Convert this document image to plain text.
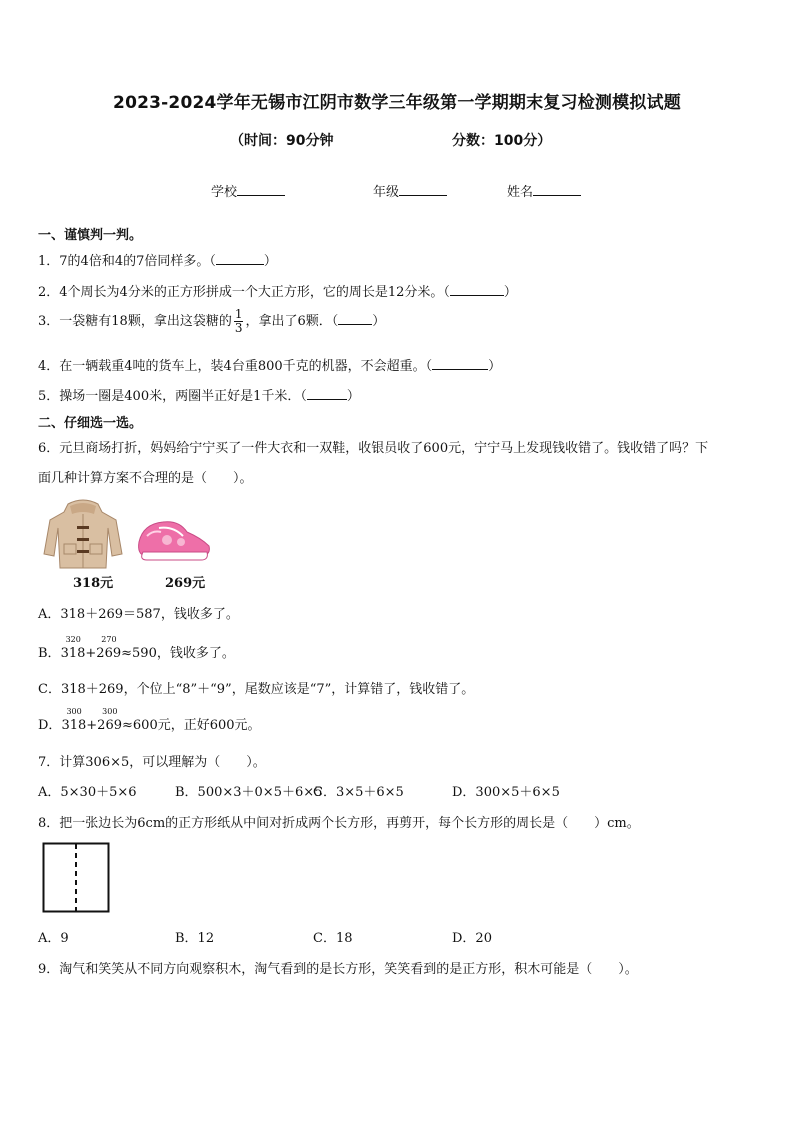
2023-2024学年无锡市江阴市数学三年级第一学期期末复习检测模拟试题
（时间：90分钟	分数：100分）
学校	年级	姓名
一、谨慎判一判。
1．7的4倍和4的7倍同样多。（	）
2．4个周长为4分米的正方形拼成一个大正方形，它的周长是12分米。（	）
3．一袋糖有18颗，拿出这袋糖的 $\frac{1}{3}$ ，拿出了6颗．（	）
4．在一辆载重4吨的货车上，装4台重800千克的机器，不会超重。（	）
5．操场一圈是400米，两圈半正好是1千米．（	）
二、仔细选一选。
6．元旦商场打折，妈妈给宁宁买了一件大衣和一双鞋，收银员收了600元，宁宁马上发现钱收错了。钱收错了吗？下
面几种计算方案不合理的是（　　）。
318元	269元
A．318＋269＝587，钱收多了。
B．
320
318+
270
269≈590，钱收多了。
C．318＋269，个位上“8”＋“9”，尾数应该是“7”，计算错了，钱收错了。
D．
300
318+
300
269≈600元，正好600元。
7．计算306×5，可以理解为（　　）。
A．5×30＋5×6	B．500×3＋0×5＋6×5
C．3×5＋6×5	D．300×5＋6×5
8．把一张边长为6cm的正方形纸从中间对折成两个长方形，再剪开，每个长方形的周长是（　　）cm。
A．9	B．12	C．18	D．20
9．淘气和笑笑从不同方向观察积木，淘气看到的是长方形，笑笑看到的是正方形，积木可能是（　　）。
